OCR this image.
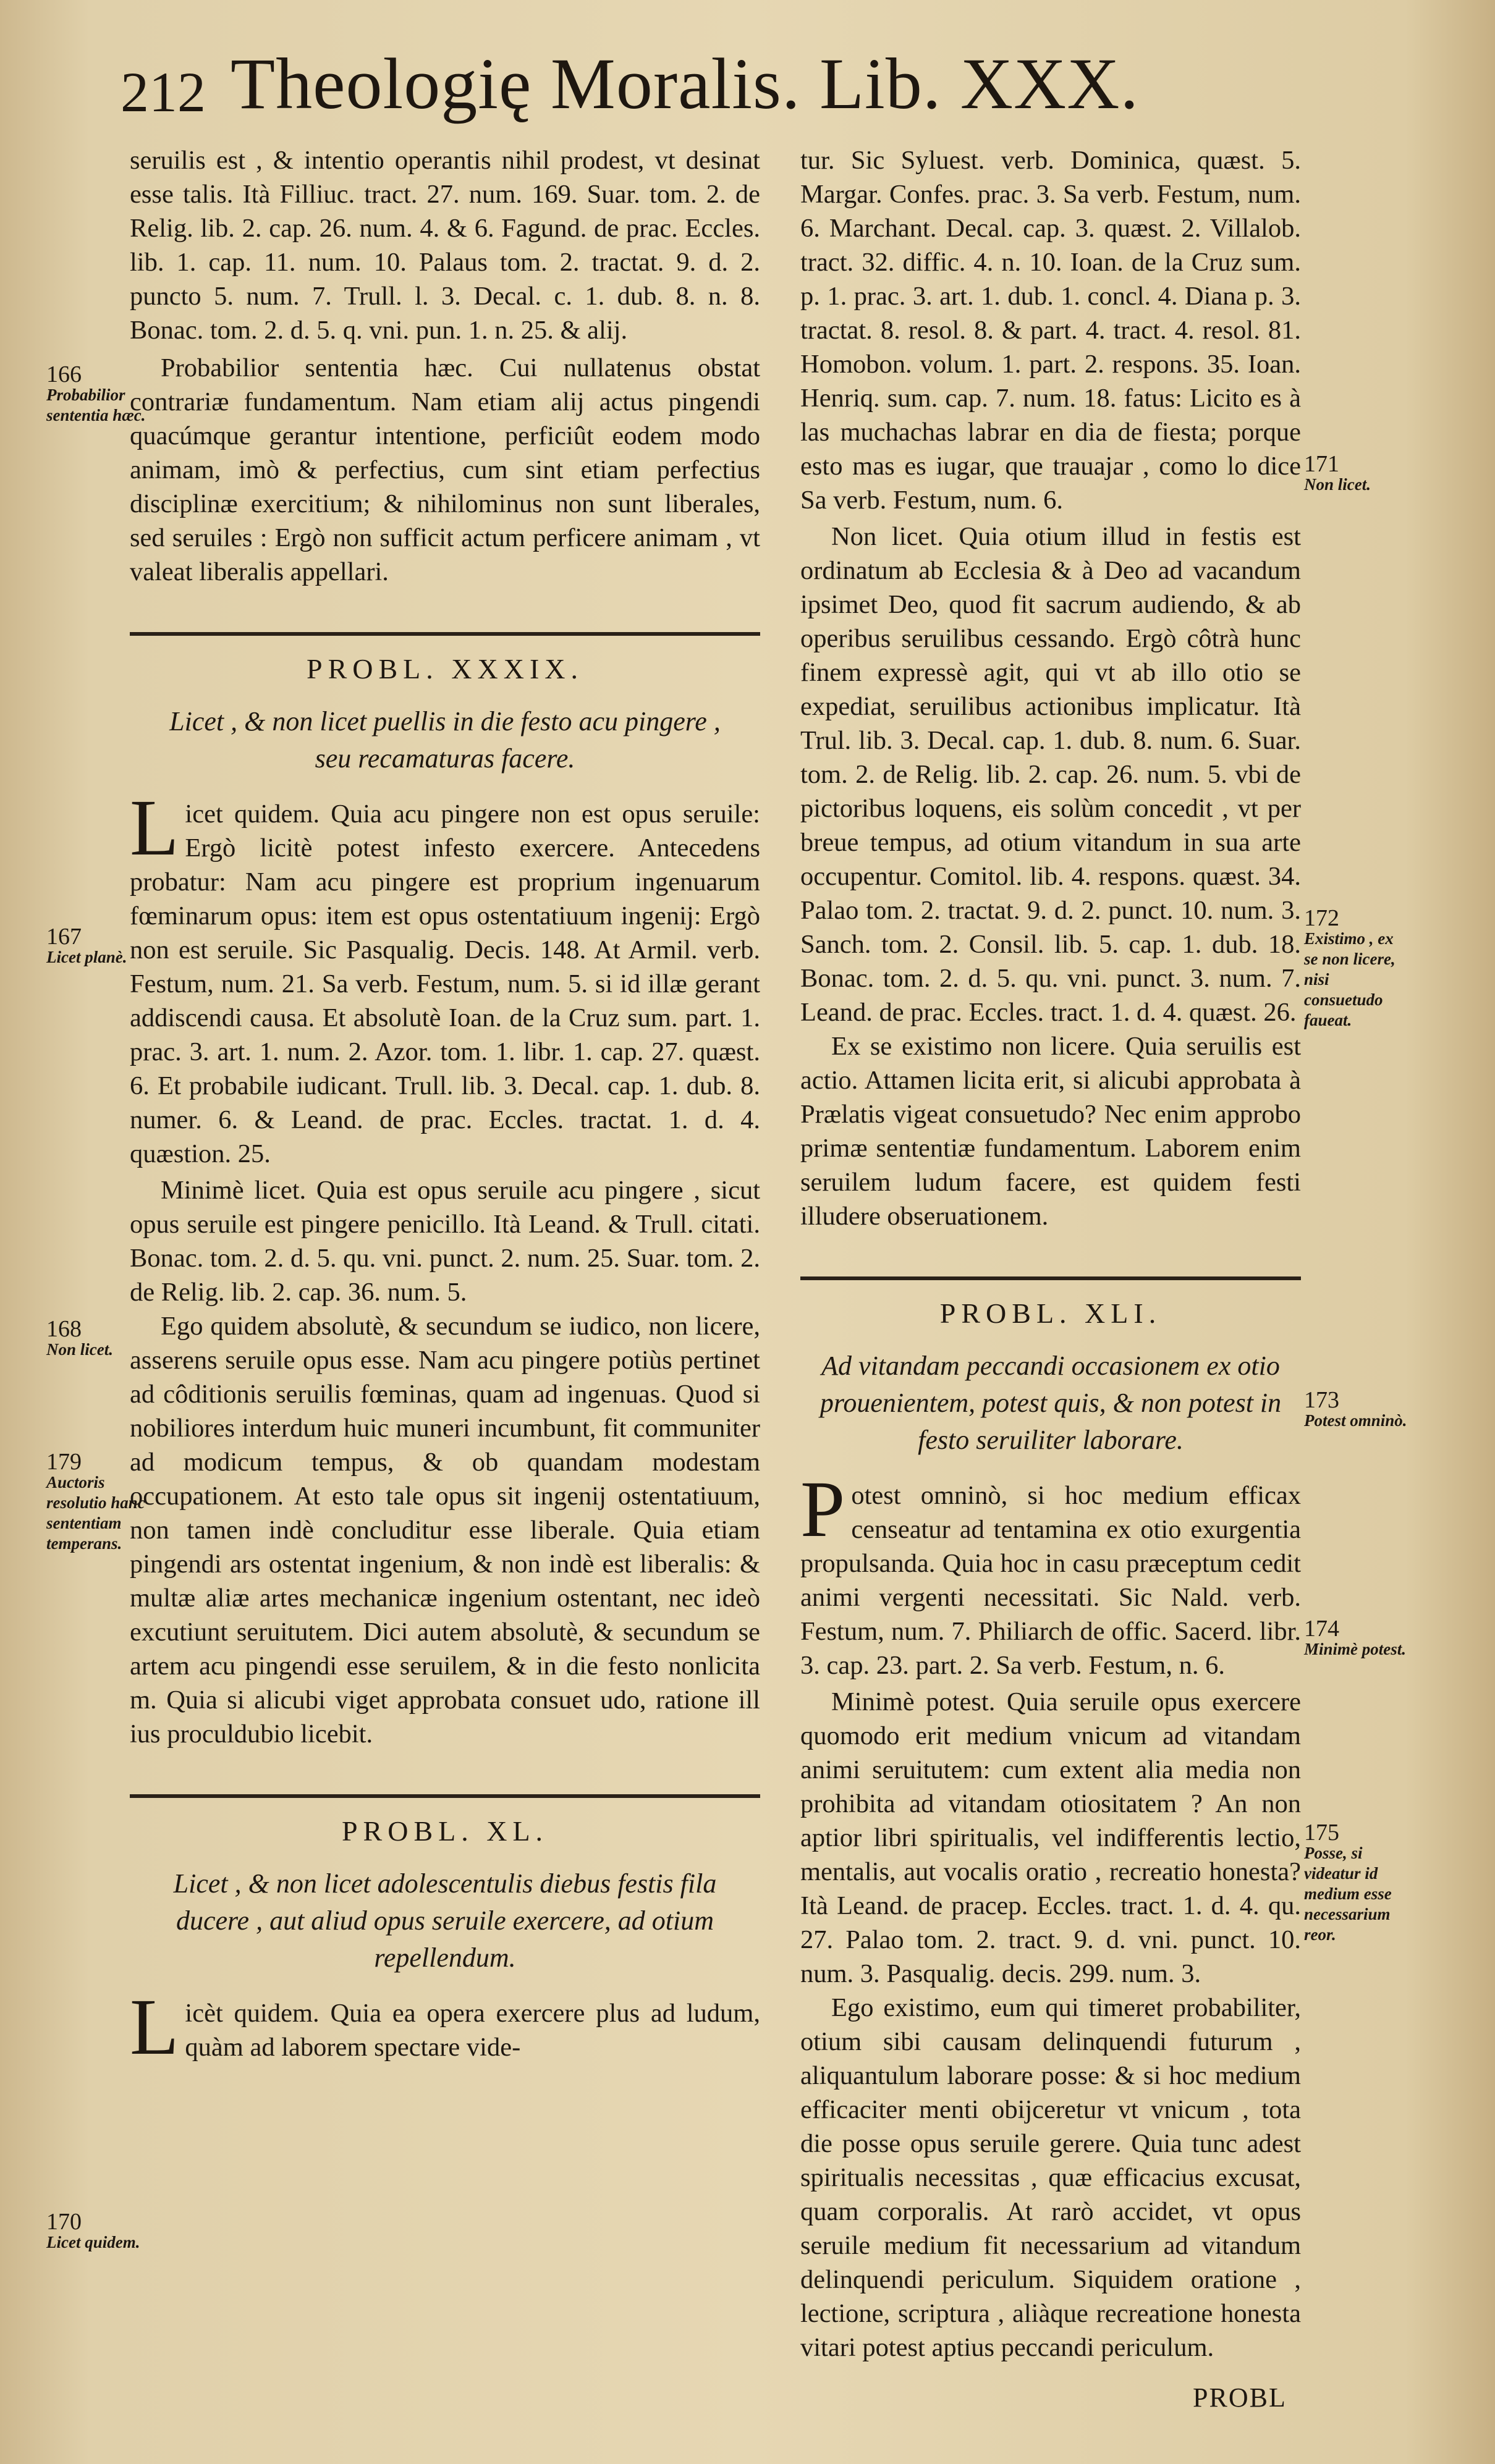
212 Theologię Moralis. Lib. XXX.

seruilis est , & intentio operantis nihil prodest, vt desinat esse talis. Ità Filliuc. tract. 27. num. 169. Suar. tom. 2. de Relig. lib. 2. cap. 26. num. 4. & 6. Fagund. de prac. Eccles. lib. 1. cap. 11. num. 10. Palaus tom. 2. tractat. 9. d. 2. puncto 5. num. 7. Trull. l. 3. Decal. c. 1. dub. 8. n. 8. Bonac. tom. 2. d. 5. q. vni. pun. 1. n. 25. & alij.

Probabilior sententia hæc. Cui nullatenus obstat contrariæ fundamentum. Nam etiam alij actus pingendi quacúmque gerantur intentione, perficiût eodem modo animam, imò & perfectius, cum sint etiam perfectius disciplinæ exercitium; & nihilominus non sunt liberales, sed seruiles : Ergò non sufficit actum perficere animam , vt valeat liberalis appellari.

PROBL. XXXIX.
Licet , & non licet puellis in die festo acu pingere , seu recamaturas facere.

Licet quidem. Quia acu pingere non est opus seruile: Ergò licitè potest infesto exercere. Antecedens probatur: Nam acu pingere est proprium ingenuarum fœminarum opus: item est opus ostentatiuum ingenij: Ergò non est seruile. Sic Pasqualig. Decis. 148. At Armil. verb. Festum, num. 21. Sa verb. Festum, num. 5. si id illæ gerant addiscendi causa. Et absolutè Ioan. de la Cruz sum. part. 1. prac. 3. art. 1. num. 2. Azor. tom. 1. libr. 1. cap. 27. quæst. 6. Et probabile iudicant. Trull. lib. 3. Decal. cap. 1. dub. 8. numer. 6. & Leand. de prac. Eccles. tractat. 1. d. 4. quæstion. 25.

Minimè licet. Quia est opus seruile acu pingere , sicut opus seruile est pingere penicillo. Ità Leand. & Trull. citati. Bonac. tom. 2. d. 5. qu. vni. punct. 2. num. 25. Suar. tom. 2. de Relig. lib. 2. cap. 36. num. 5.

Ego quidem absolutè, & secundum se iudico, non licere, asserens seruile opus esse. Nam acu pingere potiùs pertinet ad côditionis seruilis fœminas, quam ad ingenuas. Quod si nobiliores interdum huic muneri incumbunt, fit communiter ad modicum tempus, & ob quandam modestam occupationem. At esto tale opus sit ingenij ostentatiuum, non tamen indè concluditur esse liberale. Quia etiam pingendi ars ostentat ingenium, & non indè est liberalis: & multæ aliæ artes mechanicæ ingenium ostentant, nec ideò excutiunt seruitutem. Dici autem absolutè, & secundum se artem acu pingendi esse seruilem, & in die festo nonlicita m. Quia si alicubi viget approbata consuet udo, ratione ill ius proculdubio licebit.

PROBL. XL.
Licet , & non licet adolescentulis diebus festis fila ducere , aut aliud opus seruile exercere, ad otium repellendum.

Licèt quidem. Quia ea opera exercere plus ad ludum, quàm ad laborem spectare vide-

tur. Sic Syluest. verb. Dominica, quæst. 5. Margar. Confes. prac. 3. Sa verb. Festum, num. 6. Marchant. Decal. cap. 3. quæst. 2. Villalob. tract. 32. diffic. 4. n. 10. Ioan. de la Cruz sum. p. 1. prac. 3. art. 1. dub. 1. concl. 4. Diana p. 3. tractat. 8. resol. 8. & part. 4. tract. 4. resol. 81. Homobon. volum. 1. part. 2. respons. 35. Ioan. Henriq. sum. cap. 7. num. 18. fatus: Licito es à las muchachas labrar en dia de fiesta; porque esto mas es iugar, que trauajar , como lo dice Sa verb. Festum, num. 6.

Non licet. Quia otium illud in festis est ordinatum ab Ecclesia & à Deo ad vacandum ipsimet Deo, quod fit sacrum audiendo, & ab operibus seruilibus cessando. Ergò côtrà hunc finem expressè agit, qui vt ab illo otio se expediat, seruilibus actionibus implicatur. Ità Trul. lib. 3. Decal. cap. 1. dub. 8. num. 6. Suar. tom. 2. de Relig. lib. 2. cap. 26. num. 5. vbi de pictoribus loquens, eis solùm concedit , vt per breue tempus, ad otium vitandum in sua arte occupentur. Comitol. lib. 4. respons. quæst. 34. Palao tom. 2. tractat. 9. d. 2. punct. 10. num. 3. Sanch. tom. 2. Consil. lib. 5. cap. 1. dub. 18. Bonac. tom. 2. d. 5. qu. vni. punct. 3. num. 7. Leand. de prac. Eccles. tract. 1. d. 4. quæst. 26.

Ex se existimo non licere. Quia seruilis est actio. Attamen licita erit, si alicubi approbata à Prælatis vigeat consuetudo? Nec enim approbo primæ sententiæ fundamentum. Laborem enim seruilem ludum facere, est quidem festi illudere obseruationem.

PROBL. XLI.
Ad vitandam peccandi occasionem ex otio prouenientem, potest quis, & non potest in festo seruiliter laborare.

Potest omninò, si hoc medium efficax censeatur ad tentamina ex otio exurgentia propulsanda. Quia hoc in casu præceptum cedit animi vergenti necessitati. Sic Nald. verb. Festum, num. 7. Philiarch de offic. Sacerd. libr. 3. cap. 23. part. 2. Sa verb. Festum, n. 6.

Minimè potest. Quia seruile opus exercere quomodo erit medium vnicum ad vitandam animi seruitutem: cum extent alia media non prohibita ad vitandam otiositatem ? An non aptior libri spiritualis, vel indifferentis lectio, mentalis, aut vocalis oratio , recreatio honesta? Ità Leand. de pracep. Eccles. tract. 1. d. 4. qu. 27. Palao tom. 2. tract. 9. d. vni. punct. 10. num. 3. Pasqualig. decis. 299. num. 3.

Ego existimo, eum qui timeret probabiliter, otium sibi causam delinquendi futurum , aliquantulum laborare posse: & si hoc medium efficaciter menti obijceretur vt vnicum , tota die posse opus seruile gerere. Quia tunc adest spiritualis necessitas , quæ efficacius excusat, quam corporalis. At rarò accidet, vt opus seruile medium fit necessarium ad vitandum delinquendi periculum. Siquidem oratione , lectione, scriptura , aliàque recreatione honesta vitari potest aptius peccandi periculum.

166
Probabilior sententia hæc.
167
Licet planè.
168
Non licet.
179
Auctoris resolutio hanc sententiam temperans.
170
Licet quidem.
171
Non licet.
172
Existimo , ex se non licere, nisi consuetudo faueat.
173
Potest omninò.
174
Minimè potest.
175
Posse, si videatur id medium esse necessarium reor.
PROBL
